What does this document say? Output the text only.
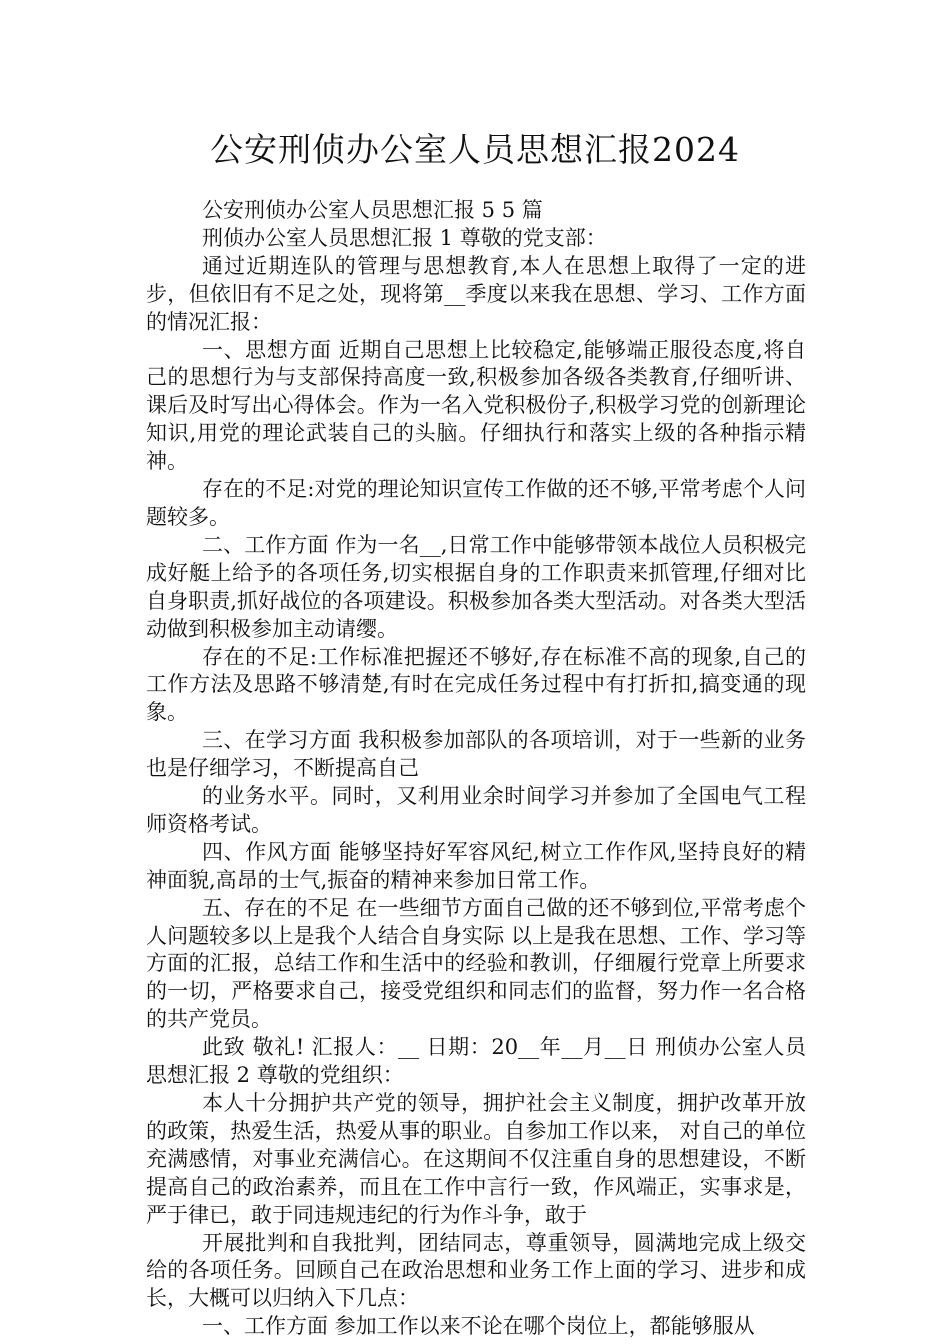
公安刑侦办公室人员思想汇报2024

公安刑侦办公室人员思想汇报 5 5 篇

刑侦办公室人员思想汇报 1 尊敬的党支部：

通过近期连队的管理与思想教育,本人在思想上取得了一定的进步，但依旧有不足之处，现将第__季度以来我在思想、学习、工作方面的情况汇报：

一、思想方面 近期自己思想上比较稳定,能够端正服役态度,将自己的思想行为与支部保持高度一致,积极参加各级各类教育,仔细听讲、课后及时写出心得体会。作为一名入党积极份子,积极学习党的创新理论知识,用党的理论武装自己的头脑。仔细执行和落实上级的各种指示精神。

存在的不足:对党的理论知识宣传工作做的还不够,平常考虑个人问题较多。

二、工作方面 作为一名__,日常工作中能够带领本战位人员积极完成好艇上给予的各项任务,切实根据自身的工作职责来抓管理,仔细对比自身职责,抓好战位的各项建设。积极参加各类大型活动。对各类大型活动做到积极参加主动请缨。

存在的不足:工作标准把握还不够好,存在标准不高的现象,自己的工作方法及思路不够清楚,有时在完成任务过程中有打折扣,搞变通的现象。

三、在学习方面 我积极参加部队的各项培训，对于一些新的业务也是仔细学习，不断提高自己

的业务水平。同时，又利用业余时间学习并参加了全国电气工程师资格考试。

四、作风方面 能够坚持好军容风纪,树立工作作风,坚持良好的精神面貌,高昂的士气,振奋的精神来参加日常工作。

五、存在的不足 在一些细节方面自己做的还不够到位,平常考虑个人问题较多以上是我个人结合自身实际 以上是我在思想、工作、学习等方面的汇报，总结工作和生活中的经验和教训，仔细履行党章上所要求的一切，严格要求自己，接受党组织和同志们的监督，努力作一名合格的共产党员。

此致 敬礼! 汇报人：__ 日期：20__年__月__日 刑侦办公室人员思想汇报 2 尊敬的党组织：

本人十分拥护共产党的领导，拥护社会主义制度，拥护改革开放的政策，热爱生活，热爱从事的职业。自参加工作以来， 对自己的单位充满感情，对事业充满信心。在这期间不仅注重自身的思想建设，不断提高自己的政治素养，而且在工作中言行一致，作风端正，实事求是，严于律已，敢于同违规违纪的行为作斗争，敢于

开展批判和自我批判，团结同志，尊重领导，圆满地完成上级交给的各项任务。回顾自己在政治思想和业务工作上面的学习、进步和成长，大概可以归纳入下几点：

一、工作方面 参加工作以来不论在哪个岗位上，都能够服从
